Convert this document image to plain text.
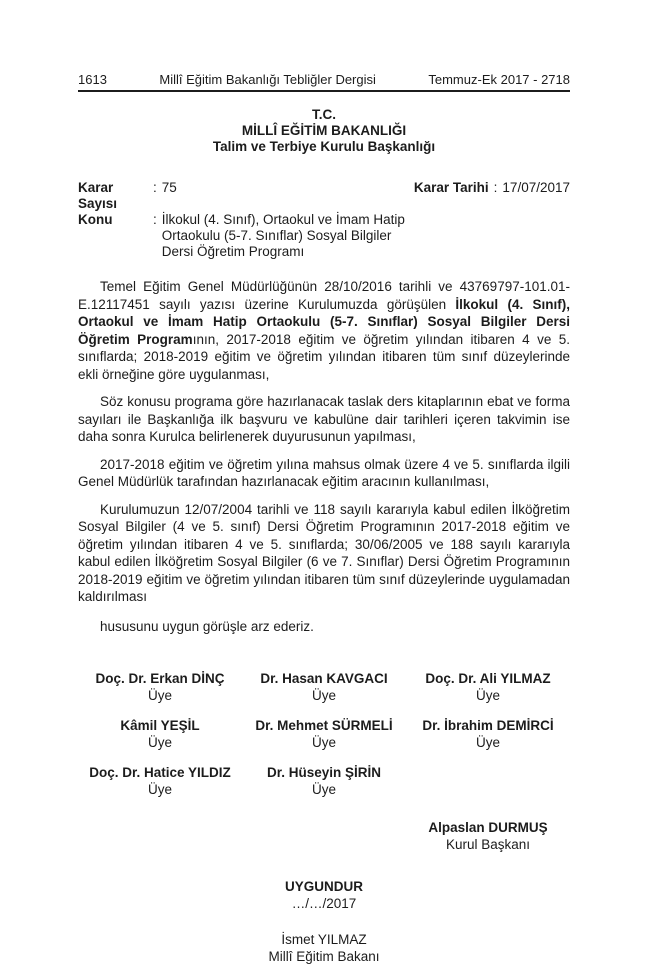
1613	Millî Eğitim Bakanlığı Tebliğler Dergisi	Temmuz-Ek 2017 - 2718
T.C.
MİLLÎ EĞİTİM BAKANLIĞI
Talim ve Terbiye Kurulu Başkanlığı
Karar Sayısı
: 75	Karar Tarihi : 17/07/2017
Konu	: İlkokul (4. Sınıf), Ortaokul ve İmam Hatip
Ortaokulu (5-7. Sınıflar) Sosyal Bilgiler
Dersi Öğretim Programı

Temel Eğitim Genel Müdürlüğünün 28/10/2016 tarihli ve 43769797-101.01-E.12117451 sayılı yazısı üzerine Kurulumuzda görüşülen İlkokul (4. Sınıf), Ortaokul ve İmam Hatip Ortaokulu (5-7. Sınıflar) Sosyal Bilgiler Dersi Öğretim Programının, 2017-2018 eğitim ve öğretim yılından itibaren 4 ve 5. sınıflarda; 2018-2019 eğitim ve öğretim yılından itibaren tüm sınıf düzeylerinde ekli örneğine göre uygulanması,

Söz konusu programa göre hazırlanacak taslak ders kitaplarının ebat ve forma sayıları ile Başkanlığa ilk başvuru ve kabulüne dair tarihleri içeren takvimin ise daha sonra Kurulca belirlenerek duyurusunun yapılması,

2017-2018 eğitim ve öğretim yılına mahsus olmak üzere 4 ve 5. sınıflarda ilgili Genel Müdürlük tarafından hazırlanacak eğitim aracının kullanılması,

Kurulumuzun 12/07/2004 tarihli ve 118 sayılı kararıyla kabul edilen İlköğretim Sosyal Bilgiler (4 ve 5. sınıf) Dersi Öğretim Programının 2017-2018 eğitim ve öğretim yılından itibaren 4 ve 5. sınıflarda; 30/06/2005 ve 188 sayılı kararıyla kabul edilen İlköğretim Sosyal Bilgiler (6 ve 7. Sınıflar) Dersi Öğretim Programının 2018-2019 eğitim ve öğretim yılından itibaren tüm sınıf düzeylerinde uygulamadan kaldırılması

hususunu uygun görüşle arz ederiz.

Doç. Dr. Erkan DİNÇ
Üye
Dr. Hasan KAVGACI
Üye
Doç. Dr. Ali YILMAZ
Üye
Kâmil YEŞİL
Üye
Dr. Mehmet SÜRMELİ
Üye
Dr. İbrahim DEMİRCİ
Üye
Doç. Dr. Hatice YILDIZ
Üye
Dr. Hüseyin ŞİRİN
Üye
Alpaslan DURMUŞ
Kurul Başkanı
UYGUNDUR
…/…/2017
İsmet YILMAZ
Millî Eğitim Bakanı
